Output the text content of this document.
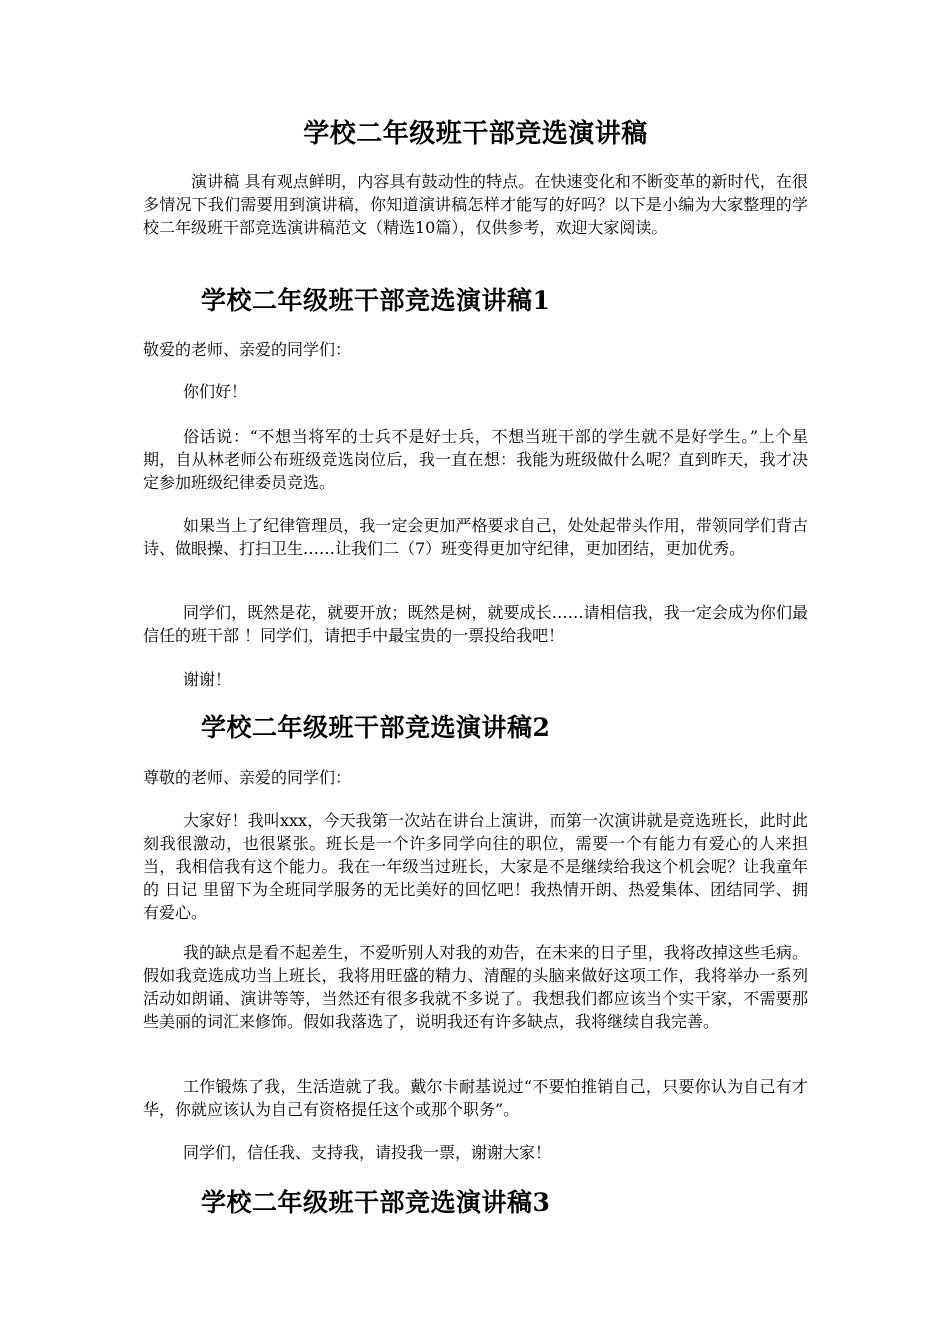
学校二年级班干部竞选演讲稿

演讲稿 具有观点鲜明，内容具有鼓动性的特点。在快速变化和不断变革的新时代，在很多情况下我们需要用到演讲稿，你知道演讲稿怎样才能写的好吗？以下是小编为大家整理的学校二年级班干部竞选演讲稿范文（精选10篇），仅供参考，欢迎大家阅读。

学校二年级班干部竞选演讲稿1

敬爱的老师、亲爱的同学们：

你们好！

俗话说：“不想当将军的士兵不是好士兵，不想当班干部的学生就不是好学生。”上个星期，自从林老师公布班级竞选岗位后，我一直在想：我能为班级做什么呢？直到昨天，我才决定参加班级纪律委员竞选。

如果当上了纪律管理员，我一定会更加严格要求自己，处处起带头作用，带领同学们背古诗、做眼操、打扫卫生……让我们二（7）班变得更加守纪律，更加团结，更加优秀。

同学们，既然是花，就要开放；既然是树，就要成长……请相信我，我一定会成为你们最信任的班干部 ！同学们，请把手中最宝贵的一票投给我吧！

谢谢！

学校二年级班干部竞选演讲稿2

尊敬的老师、亲爱的同学们：

大家好！我叫xxx，今天我第一次站在讲台上演讲，而第一次演讲就是竞选班长，此时此刻我很激动，也很紧张。班长是一个许多同学向往的职位，需要一个有能力有爱心的人来担当，我相信我有这个能力。我在一年级当过班长，大家是不是继续给我这个机会呢？让我童年的 日记 里留下为全班同学服务的无比美好的回忆吧！我热情开朗、热爱集体、团结同学、拥有爱心。

我的缺点是看不起差生，不爱听别人对我的劝告，在未来的日子里，我将改掉这些毛病。假如我竞选成功当上班长，我将用旺盛的精力、清醒的头脑来做好这项工作，我将举办一系列活动如朗诵、演讲等等，当然还有很多我就不多说了。我想我们都应该当个实干家，不需要那些美丽的词汇来修饰。假如我落选了，说明我还有许多缺点，我将继续自我完善。

工作锻炼了我，生活造就了我。戴尔卡耐基说过“不要怕推销自己，只要你认为自己有才华，你就应该认为自己有资格提任这个或那个职务”。

同学们，信任我、支持我，请投我一票，谢谢大家！

学校二年级班干部竞选演讲稿3
